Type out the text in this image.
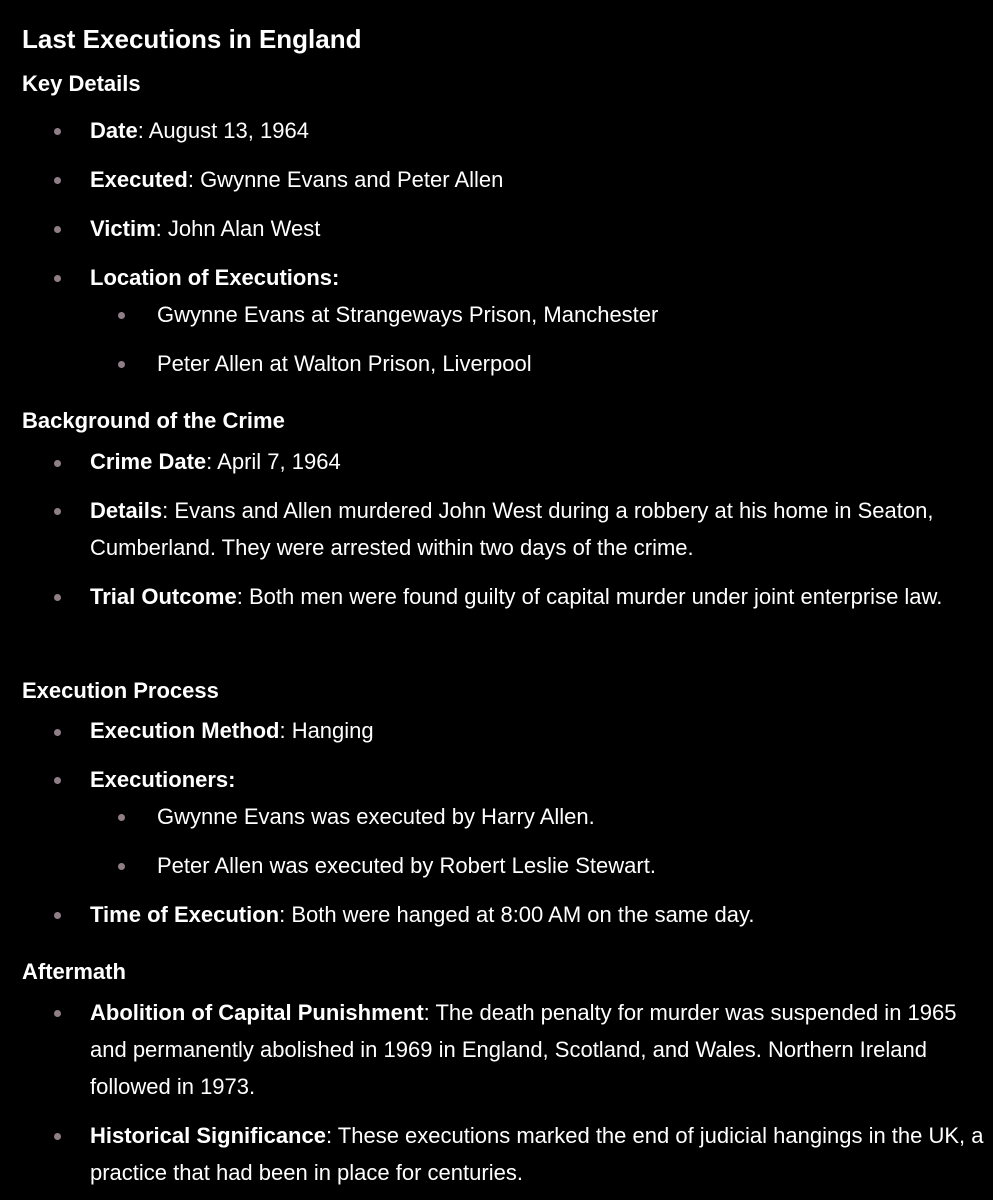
Last Executions in England
Key Details
Date: August 13, 1964
Executed: Gwynne Evans and Peter Allen
Victim: John Alan West
Location of Executions:
Gwynne Evans at Strangeways Prison, Manchester
Peter Allen at Walton Prison, Liverpool
Background of the Crime
Crime Date: April 7, 1964
Details: Evans and Allen murdered John West during a robbery at his home in Seaton, Cumberland. They were arrested within two days of the crime.
Trial Outcome: Both men were found guilty of capital murder under joint enterprise law.
Execution Process
Execution Method: Hanging
Executioners:
Gwynne Evans was executed by Harry Allen.
Peter Allen was executed by Robert Leslie Stewart.
Time of Execution: Both were hanged at 8:00 AM on the same day.
Aftermath
Abolition of Capital Punishment: The death penalty for murder was suspended in 1965 and permanently abolished in 1969 in England, Scotland, and Wales. Northern Ireland followed in 1973.
Historical Significance: These executions marked the end of judicial hangings in the UK, a practice that had been in place for centuries.
